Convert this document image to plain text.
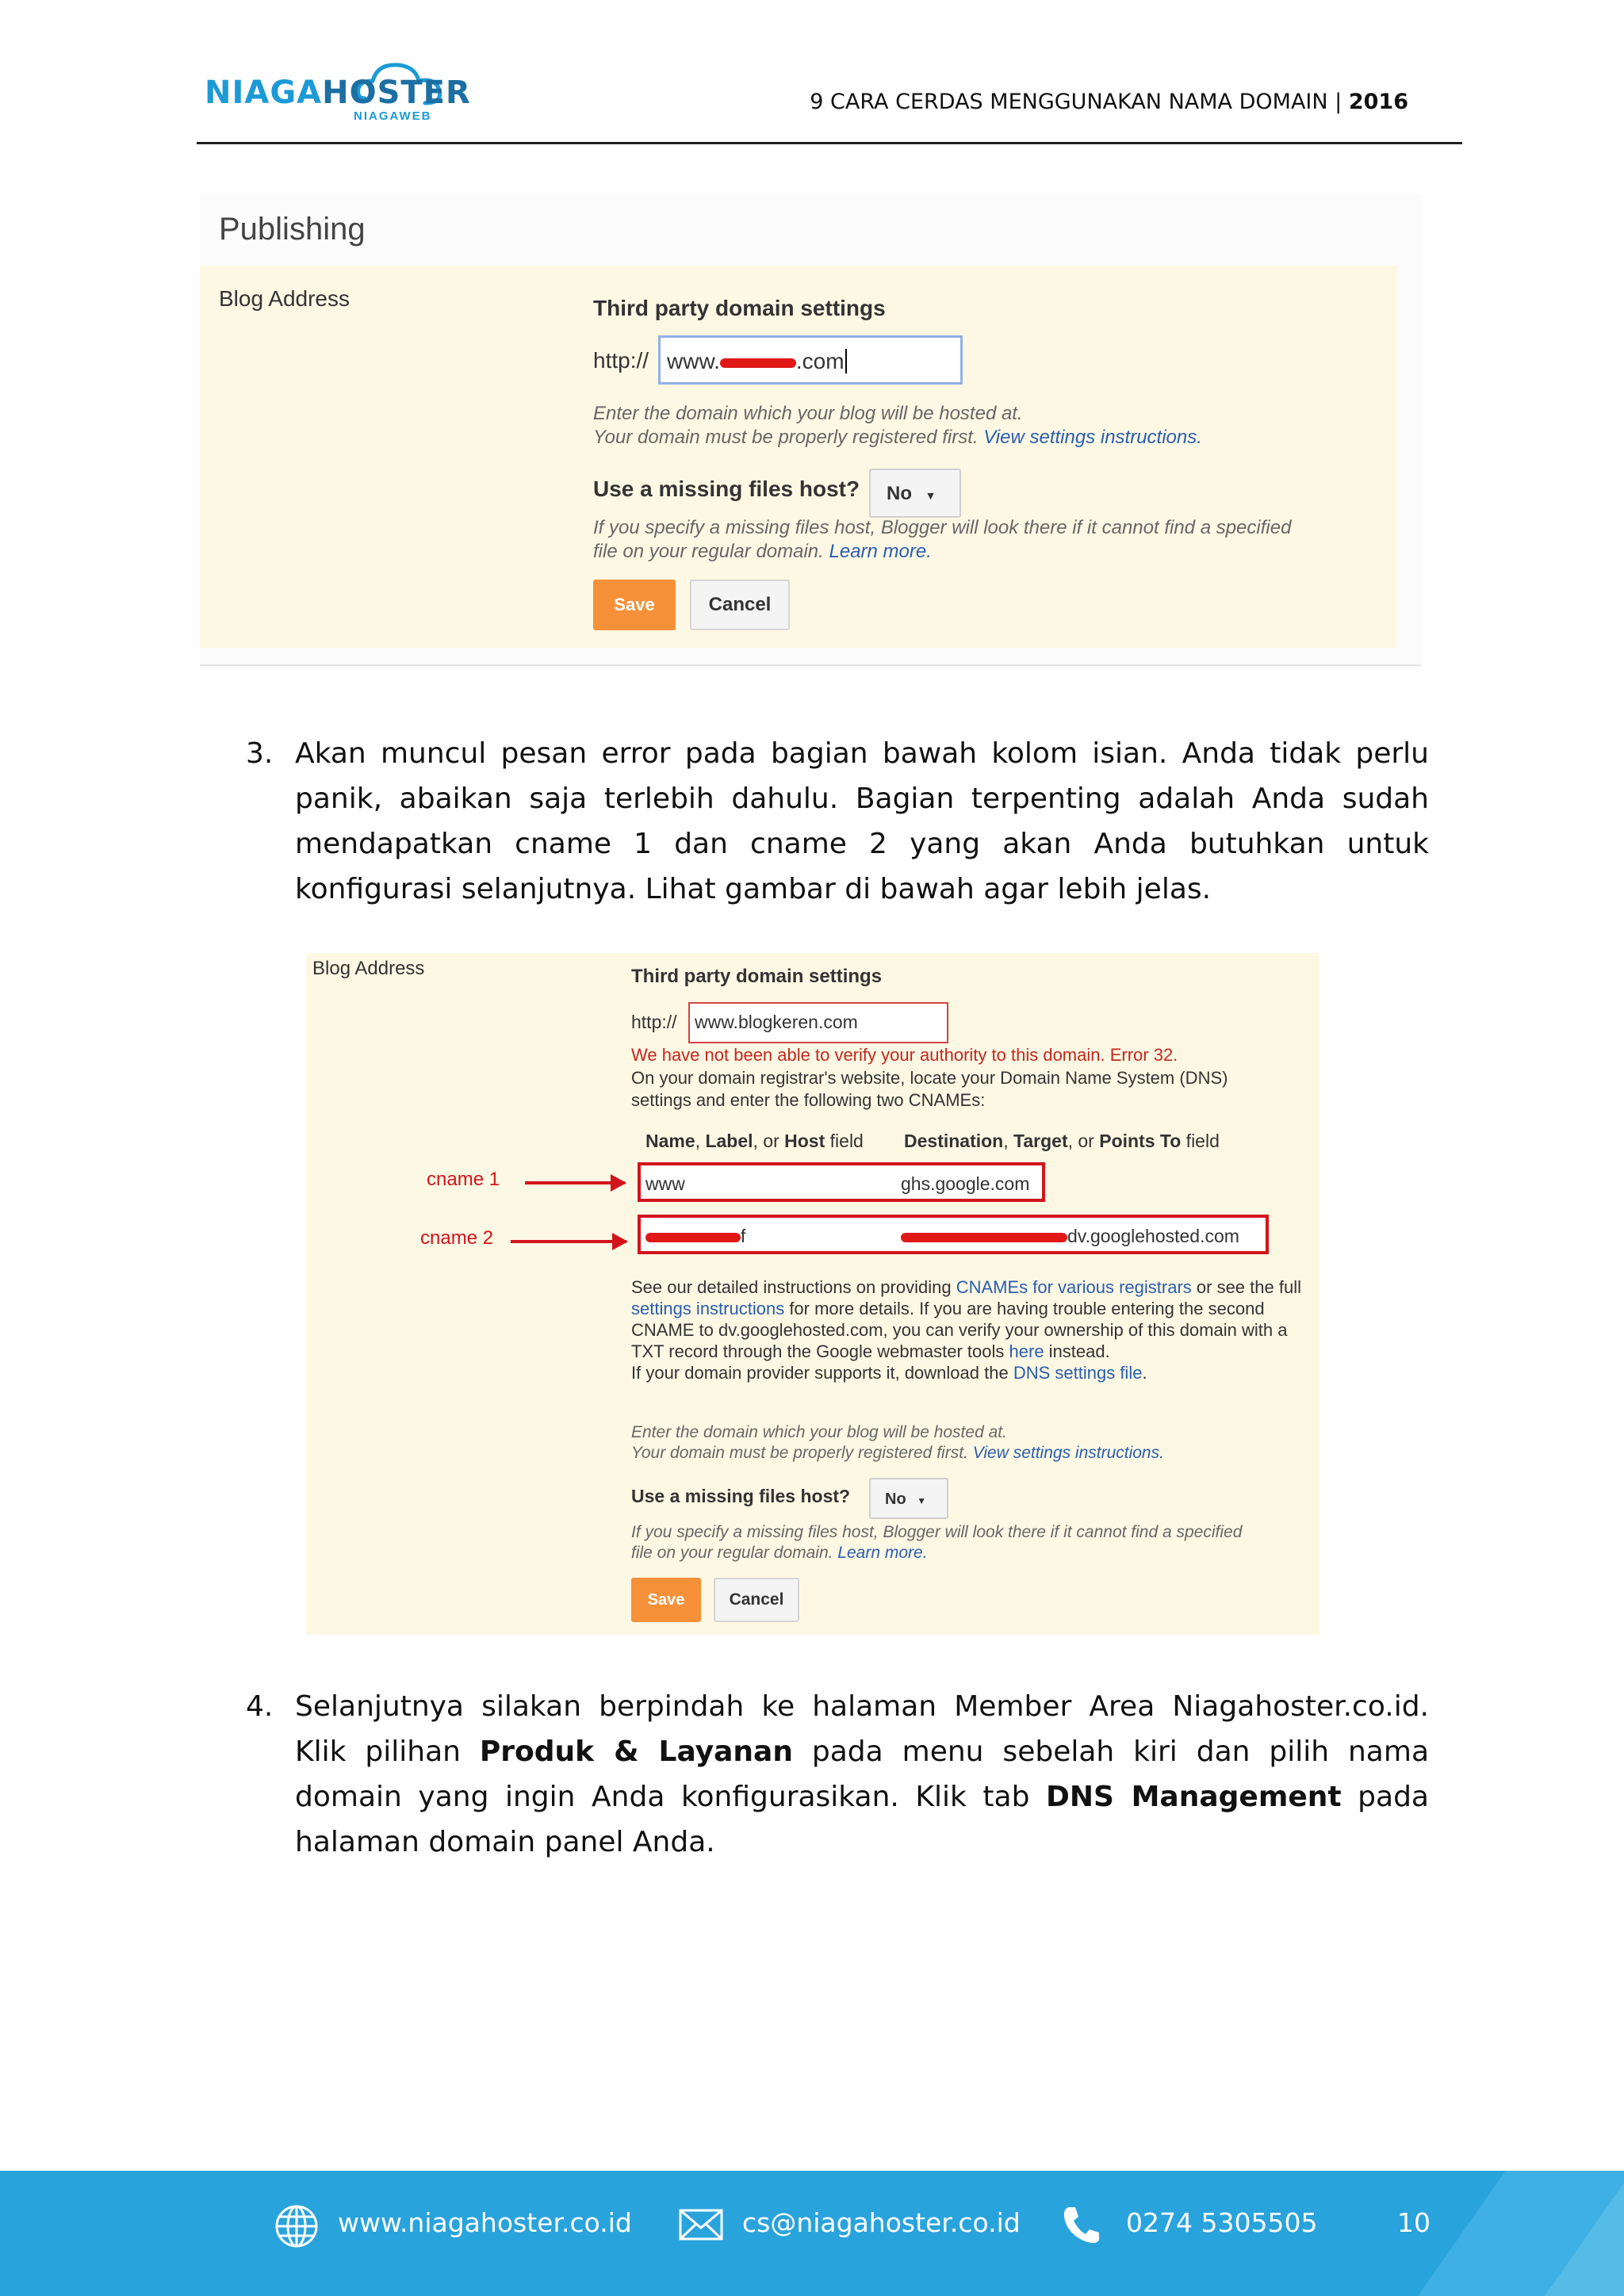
NIAGAHOSTER
NIAGAWEB
9 CARA CERDAS MENGGUNAKAN NAMA DOMAIN | 2016
Publishing
Blog Address	Third party domain settings
http:// www.	.com
Enter the domain which your blog will be hosted at.
Your domain must be properly registered first. View settings instructions.
Use a missing files host?	No ▼
If you specify a missing files host, Blogger will look there if it cannot find a specified
file on your regular domain. Learn more.
Save	Cancel
3. Akan muncul pesan error pada bagian bawah kolom isian. Anda tidak perlu panik, abaikan saja terlebih dahulu. Bagian terpenting adalah Anda sudah mendapatkan cname 1 dan cname 2 yang akan Anda butuhkan untuk konfigurasi selanjutnya. Lihat gambar di bawah agar lebih jelas.
Blog Address	Third party domain settings
http:// www.blogkeren.com
We have not been able to verify your authority to this domain. Error 32.
On your domain registrar's website, locate your Domain Name System (DNS)
settings and enter the following two CNAMEs:
Name, Label, or Host field Destination, Target, or Points To field
cname 1	www	ghs.google.com
cname 2	f	dv.googlehosted.com
See our detailed instructions on providing CNAMEs for various registrars or see the full settings instructions for more details. If you are having trouble entering the second CNAME to dv.googlehosted.com, you can verify your ownership of this domain with a TXT record through the Google webmaster tools here instead.
If your domain provider supports it, download the DNS settings file.
Enter the domain which your blog will be hosted at.
Your domain must be properly registered first. View settings instructions.
Use a missing files host?	No ▼
If you specify a missing files host, Blogger will look there if it cannot find a specified
file on your regular domain. Learn more.
Save	Cancel
4. Selanjutnya silakan berpindah ke halaman Member Area Niagahoster.co.id. Klik pilihan Produk & Layanan pada menu sebelah kiri dan pilih nama domain yang ingin Anda konfigurasikan. Klik tab DNS Management pada halaman domain panel Anda.
www.niagahoster.co.id	cs@niagahoster.co.id	0274 5305505	10
